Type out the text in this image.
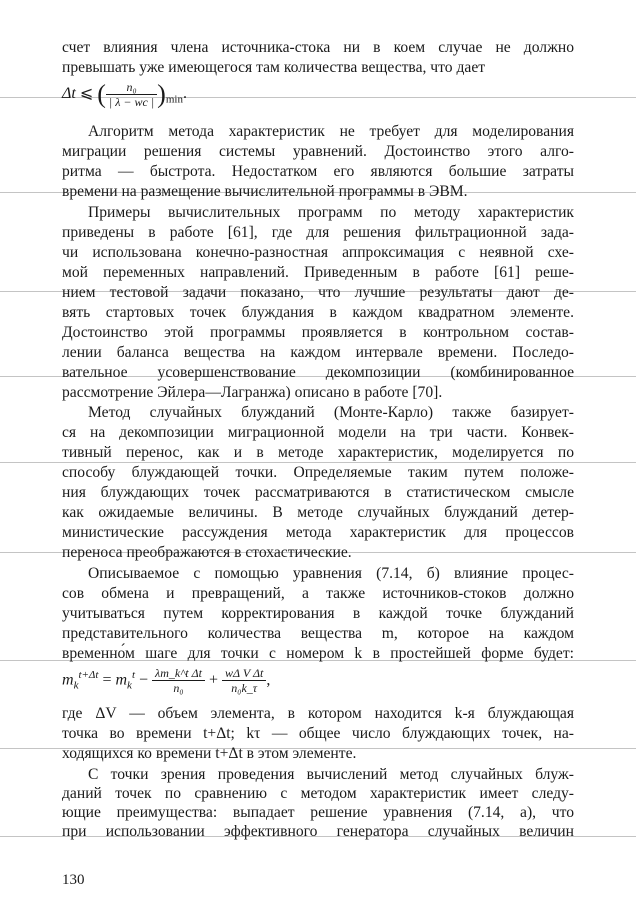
счет влияния члена источника-стока ни в коем случае не должно
превышать уже имеющегося там количества вещества, что дает
Δt ⩽ ( $\frac{\text{n₀}}{| \lambda - wc |} )_{min}$.
Алгоритм метода характеристик не требует для моделирования
миграции решения системы уравнений. Достоинство этого алго-
ритма — быстрота. Недостатком его являются большие затраты
времени на размещение вычислительной программы в ЭВМ.
Примеры вычислительных программ по методу характеристик
приведены в работе [61], где для решения фильтрационной зада-
чи использована конечно-разностная аппроксимация с неявной схе-
мой переменных направлений. Приведенным в работе [61] реше-
нием тестовой задачи показано, что лучшие результаты дают де-
вять стартовых точек блуждания в каждом квадратном элементе.
Достоинство этой программы проявляется в контрольном состав-
лении баланса вещества на каждом интервале времени. Последо-
вательное усовершенствование декомпозиции (комбинированное
рассмотрение Эйлера—Лагранжа) описано в работе [70].
Метод случайных блужданий (Монте-Карло) также базирует-
ся на декомпозиции миграционной модели на три части. Конвек-
тивный перенос, как и в методе характеристик, моделируется по
способу блуждающей точки. Определяемые таким путем положе-
ния блуждающих точек рассматриваются в статистическом смысле
как ожидаемые величины. В методе случайных блужданий детер-
министические рассуждения метода характеристик для процессов
переноса преображаются в стохастические.
Описываемое с помощью уравнения (7.14, б) влияние процес-
сов обмена и превращений, а также источников-стоков должно
учитываться путем корректирования в каждой точке блужданий
представительного количества вещества m, которое на каждом
временно́м шаге для точки с номером k в простейшей форме будет:
$m_k^{t+\Delta t} = m_k^t - \frac{\text{λm\_k\textasciicircum{}t Δt}}{\text{n₀}} + \frac{\text{wΔ V Δt}}{\text{n₀k\_τ}}$ ,
где ΔV — объем элемента, в котором находится k-я блуждающая
точка во времени t+Δt; kτ — общее число блуждающих точек, на-
ходящихся ко времени t+Δt в этом элементе.
С точки зрения проведения вычислений метод случайных блуж-
даний точек по сравнению с методом характеристик имеет следу-
ющие преимущества: выпадает решение уравнения (7.14, а), что
при использовании эффективного генератора случайных величин
130
